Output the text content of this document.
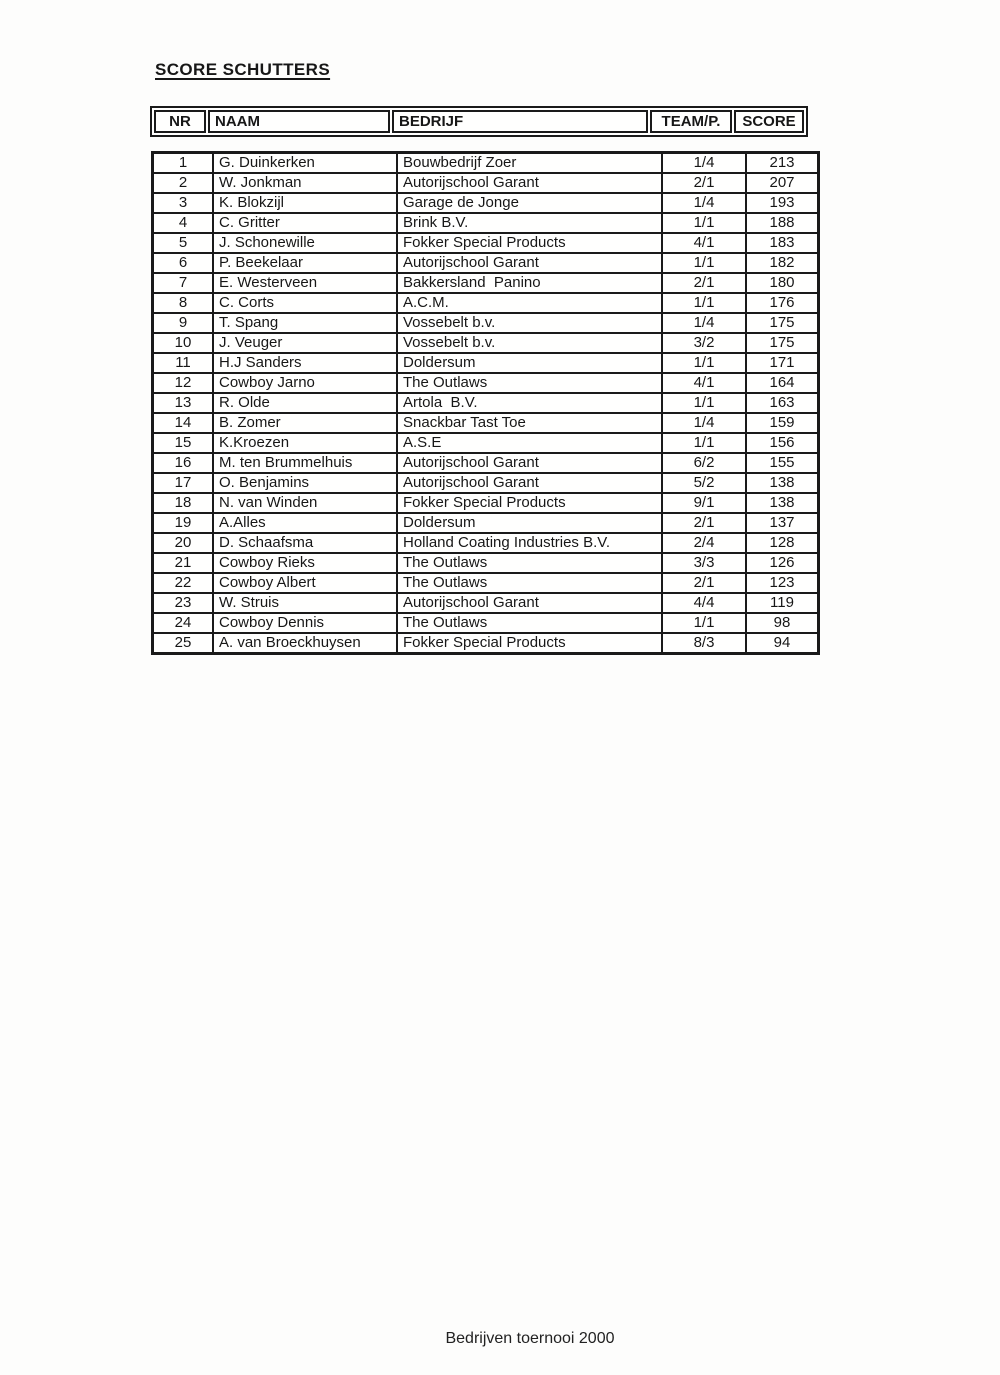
SCORE SCHUTTERS
NR	NAAM	BEDRIJF	TEAM/P.	SCORE
1	G. Duinkerken	Bouwbedrijf Zoer	1/4	213
2	W. Jonkman	Autorijschool Garant	2/1	207
3	K. Blokzijl	Garage de Jonge	1/4	193
4	C. Gritter	Brink B.V.	1/1	188
5	J. Schonewille	Fokker Special Products	4/1	183
6	P. Beekelaar	Autorijschool Garant	1/1	182
7	E. Westerveen	Bakkersland  Panino	2/1	180
8	C. Corts	A.C.M.	1/1	176
9	T. Spang	Vossebelt b.v.	1/4	175
10	J. Veuger	Vossebelt b.v.	3/2	175
11	H.J Sanders	Doldersum	1/1	171
12	Cowboy Jarno	The Outlaws	4/1	164
13	R. Olde	Artola  B.V.	1/1	163
14	B. Zomer	Snackbar Tast Toe	1/4	159
15	K.Kroezen	A.S.E	1/1	156
16	M. ten Brummelhuis	Autorijschool Garant	6/2	155
17	O. Benjamins	Autorijschool Garant	5/2	138
18	N. van Winden	Fokker Special Products	9/1	138
19	A.Alles	Doldersum	2/1	137
20	D. Schaafsma	Holland Coating Industries B.V.	2/4	128
21	Cowboy Rieks	The Outlaws	3/3	126
22	Cowboy Albert	The Outlaws	2/1	123
23	W. Struis	Autorijschool Garant	4/4	119
24	Cowboy Dennis	The Outlaws	1/1	98
25	A. van Broeckhuysen	Fokker Special Products	8/3	94
Bedrijven toernooi 2000
